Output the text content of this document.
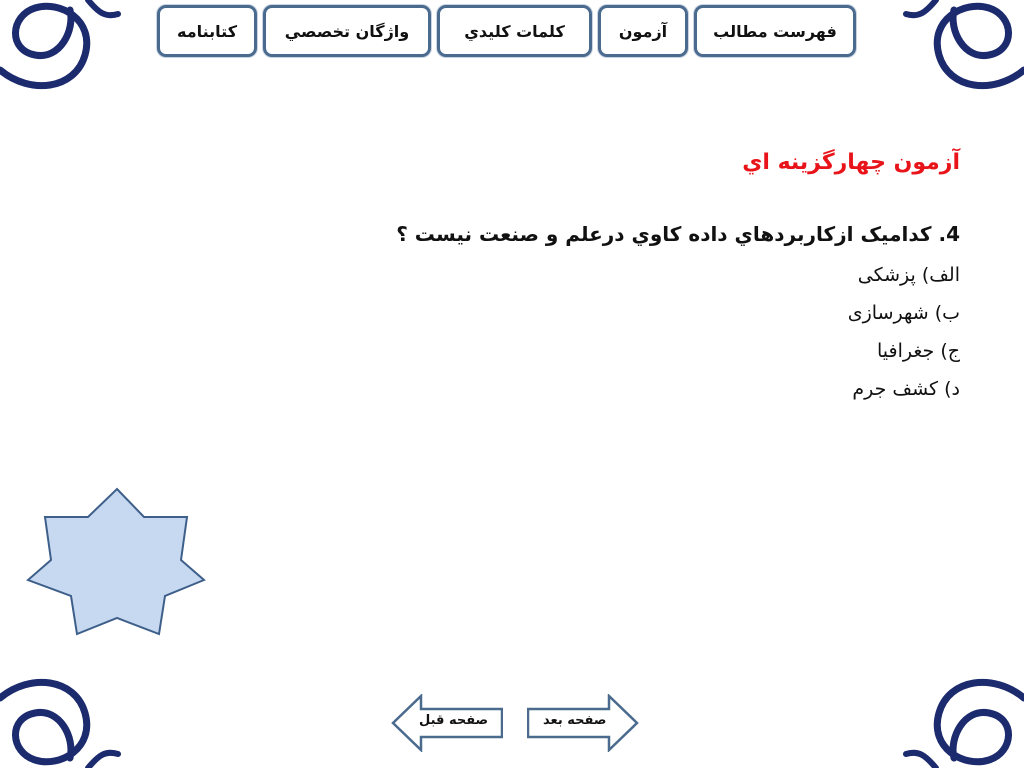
فهرست مطالب
آزمون
كلمات كليدي
واژگان تخصصي
كتابنامه
آزمون چهارگزينه اي
4. كداميک ازكاربردهاي داده كاوي درعلم و صنعت نيست ؟
الف) پزشکی
ب) شهرسازی
ج) جغرافیا
د) کشف جرم
صفحه بعد
صفحه قبل
